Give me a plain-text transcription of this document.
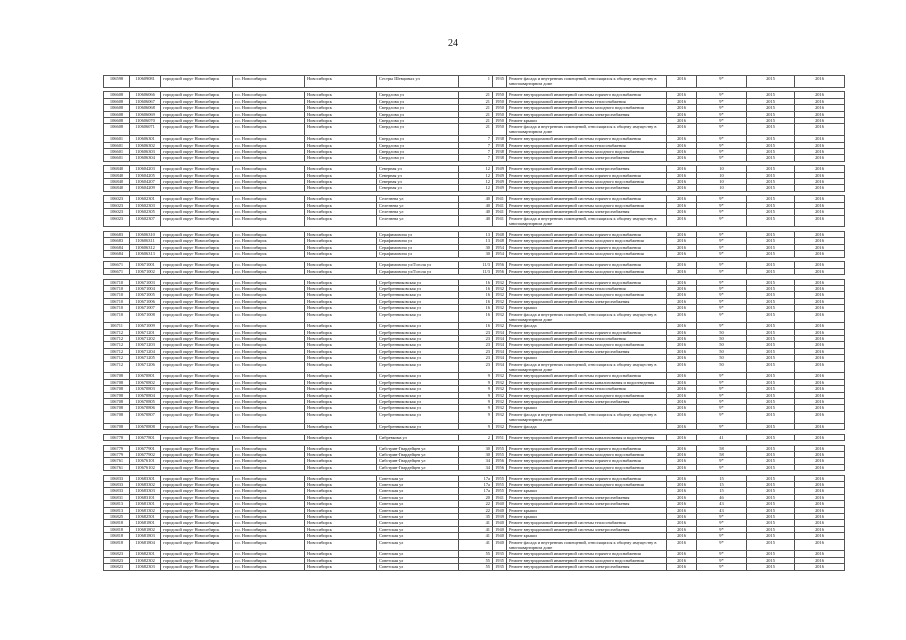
24
106598	110609081	городской округ Новосибирск	г.о. Новосибирск	Новосибирск	Сестры Шевцовых ул	1	1935	Ремонт фасада и внутренних помещений, относящихся к общему имуществу в многоквартирном доме	2016	9*	2015	2016

106608	110606066	городской округ Новосибирск	г.о. Новосибирск	Новосибирск	Свердлова ул	21	1950	Ремонт внутридомовой инженерной системы горячего водоснабжения	2016	9*	2015	2016
106608	110606067	городской округ Новосибирск	г.о. Новосибирск	Новосибирск	Свердлова ул	21	1950	Ремонт внутридомовой инженерной системы теплоснабжения	2016	9*	2015	2016
106608	110606068	городской округ Новосибирск	г.о. Новосибирск	Новосибирск	Свердлова ул	21	1950	Ремонт внутридомовой инженерной системы холодного водоснабжения	2016	9*	2015	2016
106608	110606069	городской округ Новосибирск	г.о. Новосибирск	Новосибирск	Свердлова ул	21	1950	Ремонт внутридомовой инженерной системы электроснабжения	2016	9*	2015	2016
106608	110606070	городской округ Новосибирск	г.о. Новосибирск	Новосибирск	Свердлова ул	21	1950	Ремонт крыши	2016	9*	2015	2016
106608	110606071	городской округ Новосибирск	г.о. Новосибирск	Новосибирск	Свердлова ул	21	1950	Ремонт фасада и внутренних помещений, относящихся к общему имуществу в многоквартирном доме	2016	9*	2015	2016
106601	110606301	городской округ Новосибирск	г.о. Новосибирск	Новосибирск	Свердлова ул	7	1938	Ремонт внутридомовой инженерной системы горячего водоснабжения	2016	9*	2015	2016
106601	110606302	городской округ Новосибирск	г.о. Новосибирск	Новосибирск	Свердлова ул	7	1938	Ремонт внутридомовой инженерной системы теплоснабжения	2016	9*	2015	2016
106601	110606303	городской округ Новосибирск	г.о. Новосибирск	Новосибирск	Свердлова ул	7	1938	Ремонт внутридомовой инженерной системы холодного водоснабжения	2016	9*	2015	2016
106601	110606304	городской округ Новосибирск	г.о. Новосибирск	Новосибирск	Свердлова ул	7	1938	Ремонт внутридомовой инженерной системы электроснабжения	2016	9*	2015	2016

106840	110604203	городской округ Новосибирск	г.о. Новосибирск	Новосибирск	Северная ул	12	1949	Ремонт внутридомовой инженерной системы электроснабжения	2016	10	2015	2016
106840	110604205	городской округ Новосибирск	г.о. Новосибирск	Новосибирск	Северная ул	12	1949	Ремонт внутридомовой инженерной системы горячего водоснабжения	2016	10	2015	2016
106840	110604207	городской округ Новосибирск	г.о. Новосибирск	Новосибирск	Северная ул	12	1949	Ремонт внутридомовой инженерной системы холодного водоснабжения	2016	10	2015	2016
106840	110604209	городской округ Новосибирск	г.о. Новосибирск	Новосибирск	Северная ул	12	1949	Ремонт внутридомовой инженерной системы электроснабжения	2016	10	2015	2016

106023	110602301	городской округ Новосибирск	г.о. Новосибирск	Новосибирск	Селезнева ул	40	1941	Ремонт внутридомовой инженерной системы горячего водоснабжения	2016	9*	2015	2016
106023	110602303	городской округ Новосибирск	г.о. Новосибирск	Новосибирск	Селезнева ул	40	1941	Ремонт внутридомовой инженерной системы холодного водоснабжения	2016	9*	2015	2016
106023	110602305	городской округ Новосибирск	г.о. Новосибирск	Новосибирск	Селезнева ул	40	1941	Ремонт внутридомовой инженерной системы электроснабжения	2016	9*	2015	2016
106023	110602307	городской округ Новосибирск	г.о. Новосибирск	Новосибирск	Селезнева ул	40	1941	Ремонт фасада и внутренних помещений, относящихся к общему имуществу в многоквартирном доме	2016	9*	2015	2016

106683	110606310	городской округ Новосибирск	г.о. Новосибирск	Новосибирск	Серафимовича ул	13	1948	Ремонт внутридомовой инженерной системы горячего водоснабжения	2016	9*	2015	2016
106683	110606311	городской округ Новосибирск	г.о. Новосибирск	Новосибирск	Серафимовича ул	13	1948	Ремонт внутридомовой инженерной системы холодного водоснабжения	2016	9*	2015	2016
106684	110606312	городской округ Новосибирск	г.о. Новосибирск	Новосибирск	Серафимовича ул	30	1954	Ремонт внутридомовой инженерной системы горячего водоснабжения	2016	9*	2015	2016
106684	110606313	городской округ Новосибирск	г.о. Новосибирск	Новосибирск	Серафимовича ул	30	1954	Ремонт внутридомовой инженерной системы холодного водоснабжения	2016	9*	2015	2016

106671	110671001	городской округ Новосибирск	г.о. Новосибирск	Новосибирск	Серафимовича ул/Гоголя ул	11/3	1956	Ремонт внутридомовой инженерной системы горячего водоснабжения	2016	9*	2015	2016
106671	110671002	городской округ Новосибирск	г.о. Новосибирск	Новосибирск	Серафимовича ул/Гоголя ул	11/3	1956	Ремонт внутридомовой инженерной системы холодного водоснабжения	2016	9*	2015	2016

106710	110671003	городской округ Новосибирск	г.о. Новосибирск	Новосибирск	Серебренниковская ул	16	1932	Ремонт внутридомовой инженерной системы горячего водоснабжения	2016	9*	2015	2016
106710	110671004	городской округ Новосибирск	г.о. Новосибирск	Новосибирск	Серебренниковская ул	16	1932	Ремонт внутридомовой инженерной системы теплоснабжения	2016	9*	2015	2016
106710	110671005	городской округ Новосибирск	г.о. Новосибирск	Новосибирск	Серебренниковская ул	16	1932	Ремонт внутридомовой инженерной системы холодного водоснабжения	2016	9*	2015	2016
106710	110671006	городской округ Новосибирск	г.о. Новосибирск	Новосибирск	Серебренниковская ул	16	1932	Ремонт внутридомовой инженерной системы электроснабжения	2016	9*	2015	2016
106710	110671007	городской округ Новосибирск	г.о. Новосибирск	Новосибирск	Серебренниковская ул	16	1932	Ремонт крыши	2016	9*	2015	2016
106710	110671008	городской округ Новосибирск	г.о. Новосибирск	Новосибирск	Серебренниковская ул	16	1932	Ремонт фасада и внутренних помещений, относящихся к общему имуществу в многоквартирном доме	2016	9*	2015	2016
106711	110671009	городской округ Новосибирск	г.о. Новосибирск	Новосибирск	Серебренниковская ул	16	1932	Ремонт фасада	2016	9*	2015	2016
106712	110671201	городской округ Новосибирск	г.о. Новосибирск	Новосибирск	Серебренниковская ул	23	1934	Ремонт внутридомовой инженерной системы горячего водоснабжения	2016	50	2015	2016
106712	110671202	городской округ Новосибирск	г.о. Новосибирск	Новосибирск	Серебренниковская ул	23	1934	Ремонт внутридомовой инженерной системы теплоснабжения	2016	50	2015	2016
106712	110671203	городской округ Новосибирск	г.о. Новосибирск	Новосибирск	Серебренниковская ул	23	1934	Ремонт внутридомовой инженерной системы холодного водоснабжения	2016	50	2015	2016
106712	110671204	городской округ Новосибирск	г.о. Новосибирск	Новосибирск	Серебренниковская ул	23	1934	Ремонт внутридомовой инженерной системы электроснабжения	2016	50	2015	2016
106712	110671205	городской округ Новосибирск	г.о. Новосибирск	Новосибирск	Серебренниковская ул	23	1934	Ремонт крыши	2016	50	2015	2016
106712	110671206	городской округ Новосибирск	г.о. Новосибирск	Новосибирск	Серебренниковская ул	23	1934	Ремонт фасада и внутренних помещений, относящихся к общему имуществу в многоквартирном доме	2016	50	2015	2016
106708	110670801	городской округ Новосибирск	г.о. Новосибирск	Новосибирск	Серебренниковская ул	9	1932	Ремонт внутридомовой инженерной системы горячего водоснабжения	2016	9*	2015	2016
106708	110670802	городской округ Новосибирск	г.о. Новосибирск	Новосибирск	Серебренниковская ул	9	1932	Ремонт внутридомовой инженерной системы канализования и водоотведения	2016	9*	2015	2016
106708	110670803	городской округ Новосибирск	г.о. Новосибирск	Новосибирск	Серебренниковская ул	9	1932	Ремонт внутридомовой инженерной системы теплоснабжения	2016	9*	2015	2016
106708	110670804	городской округ Новосибирск	г.о. Новосибирск	Новосибирск	Серебренниковская ул	9	1932	Ремонт внутридомовой инженерной системы холодного водоснабжения	2016	9*	2015	2016
106708	110670805	городской округ Новосибирск	г.о. Новосибирск	Новосибирск	Серебренниковская ул	9	1932	Ремонт внутридомовой инженерной системы электроснабжения	2016	9*	2015	2016
106708	110670806	городской округ Новосибирск	г.о. Новосибирск	Новосибирск	Серебренниковская ул	9	1932	Ремонт крыши	2016	9*	2015	2016
106708	110670807	городской округ Новосибирск	г.о. Новосибирск	Новосибирск	Серебренниковская ул	9	1932	Ремонт фасада и внутренних помещений, относящихся к общему имуществу в многоквартирном доме	2016	9*	2015	2016
106708	110670808	городской округ Новосибирск	г.о. Новосибирск	Новосибирск	Серебренниковская ул	9	1932	Ремонт фасада	2016	9*	2015	2016

106778	110677801	городской округ Новосибирск	г.о. Новосибирск	Новосибирск	Сибревкома ул	2	1951	Ремонт внутридомовой инженерной системы канализования и водоотведения	2016	41	2015	2016

106779	110677901	городской округ Новосибирск	г.о. Новосибирск	Новосибирск	Сибстрин-Гвардейцев ул	30	1955	Ремонт внутридомовой инженерной системы горячего водоснабжения	2016	58	2015	2016
106779	110677902	городской округ Новосибирск	г.о. Новосибирск	Новосибирск	Сибстрин-Гвардейцев ул	30	1955	Ремонт внутридомовой инженерной системы холодного водоснабжения	2016	58	2015	2016
106761	110676101	городской округ Новосибирск	г.о. Новосибирск	Новосибирск	Сибстрин-Гвардейцев ул	34	1956	Ремонт внутридомовой инженерной системы горячего водоснабжения	2016	9*	2015	2016
106761	110676102	городской округ Новосибирск	г.о. Новосибирск	Новосибирск	Сибстрин-Гвардейцев ул	34	1956	Ремонт внутридомовой инженерной системы холодного водоснабжения	2016	9*	2015	2016

106833	110683301	городской округ Новосибирск	г.о. Новосибирск	Новосибирск	Советская ул	17а	1955	Ремонт внутридомовой инженерной системы горячего водоснабжения	2016	15	2015	2016
106833	110683302	городской округ Новосибирск	г.о. Новосибирск	Новосибирск	Советская ул	17а	1955	Ремонт внутридомовой инженерной системы холодного водоснабжения	2016	15	2015	2016
106833	110683303	городской округ Новосибирск	г.о. Новосибирск	Новосибирск	Советская ул	17а	1955	Ремонт крыши	2016	15	2015	2016
106831	110683101	городской округ Новосибирск	г.о. Новосибирск	Новосибирск	Советская ул	20	1941	Ремонт внутридомовой инженерной системы электроснабжения	2016	46	2015	2016
106813	110681301	городской округ Новосибирск	г.о. Новосибирск	Новосибирск	Советская ул	22	1940	Ремонт внутридомовой инженерной системы электроснабжения	2016	43	2015	2016
106813	110681302	городской округ Новосибирск	г.о. Новосибирск	Новосибирск	Советская ул	22	1940	Ремонт крыши	2016	43	2015	2016
106825	110682501	городской округ Новосибирск	г.о. Новосибирск	Новосибирск	Советская ул	35	1939	Ремонт крыши	2016	9*	2015	2016
106818	110681801	городской округ Новосибирск	г.о. Новосибирск	Новосибирск	Советская ул	41	1940	Ремонт внутридомовой инженерной системы теплоснабжения	2016	9*	2015	2016
106818	110681802	городской округ Новосибирск	г.о. Новосибирск	Новосибирск	Советская ул	41	1940	Ремонт внутридомовой инженерной системы электроснабжения	2016	9*	2015	2016
106818	110681803	городской округ Новосибирск	г.о. Новосибирск	Новосибирск	Советская ул	41	1940	Ремонт крыши	2016	9*	2015	2016
106818	110681804	городской округ Новосибирск	г.о. Новосибирск	Новосибирск	Советская ул	41	1940	Ремонт фасада и внутренних помещений, относящихся к общему имуществу в многоквартирном доме	2016	9*	2015	2016
106823	110682301	городской округ Новосибирск	г.о. Новосибирск	Новосибирск	Советская ул	55	1935	Ремонт внутридомовой инженерной системы горячего водоснабжения	2016	9*	2015	2016
106823	110682302	городской округ Новосибирск	г.о. Новосибирск	Новосибирск	Советская ул	55	1935	Ремонт внутридомовой инженерной системы холодного водоснабжения	2016	9*	2015	2016
106823	110682303	городской округ Новосибирск	г.о. Новосибирск	Новосибирск	Советская ул	55	1935	Ремонт внутридомовой инженерной системы электроснабжения	2016	9*	2015	2016
